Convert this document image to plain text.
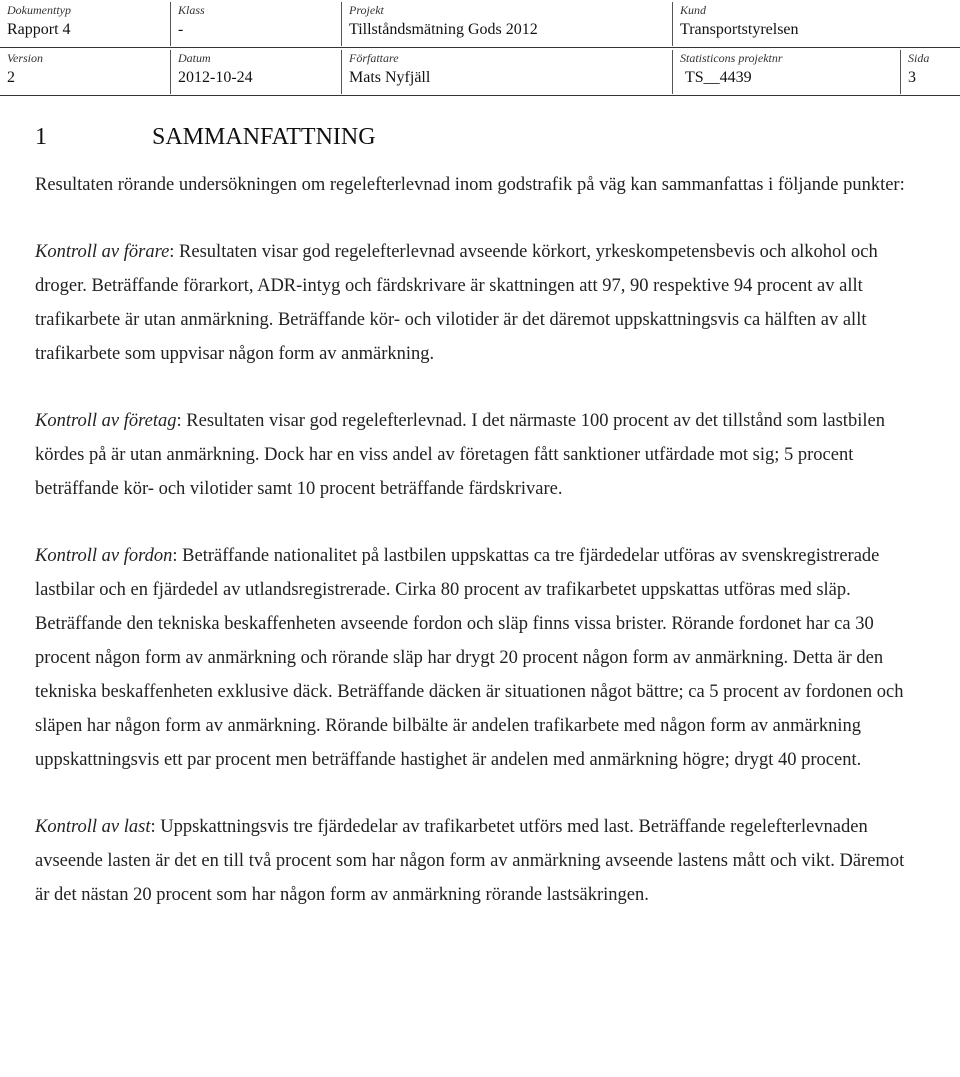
Dokumenttyp
Rapport 4
Klass
-
Projekt
Tillståndsmätning Gods 2012
Kund
Transportstyrelsen
Version
2
Datum
2012-10-24
Författare
Mats Nyfjäll
Statisticons projektnr
TS__4439
Sida
3
1	SAMMANFATTNING

Resultaten rörande undersökningen om regelefterlevnad inom godstrafik på väg kan sammanfattas i följande punkter:

Kontroll av förare: Resultaten visar god regelefterlevnad avseende körkort, yrkeskompetensbevis och alkohol och droger. Beträffande förarkort, ADR-intyg och färdskrivare är skattningen att 97, 90 respektive 94 procent av allt trafikarbete är utan anmärkning. Beträffande kör- och vilotider är det däremot uppskattningsvis ca hälften av allt trafikarbete som uppvisar någon form av anmärkning.

Kontroll av företag: Resultaten visar god regelefterlevnad. I det närmaste 100 procent av det tillstånd som lastbilen kördes på är utan anmärkning. Dock har en viss andel av företagen fått sanktioner utfärdade mot sig; 5 procent beträffande kör- och vilotider samt 10 procent beträffande färdskrivare.

Kontroll av fordon: Beträffande nationalitet på lastbilen uppskattas ca tre fjärdedelar utföras av svenskregistrerade lastbilar och en fjärdedel av utlandsregistrerade. Cirka 80 procent av trafikarbetet uppskattas utföras med släp. Beträffande den tekniska beskaffenheten avseende fordon och släp finns vissa brister. Rörande fordonet har ca 30 procent någon form av anmärkning och rörande släp har drygt 20 procent någon form av anmärkning. Detta är den tekniska beskaffenheten exklusive däck. Beträffande däcken är situationen något bättre; ca 5 procent av fordonen och släpen har någon form av anmärkning. Rörande bilbälte är andelen trafikarbete med någon form av anmärkning uppskattningsvis ett par procent men beträffande hastighet är andelen med anmärkning högre; drygt 40 procent.

Kontroll av last: Uppskattningsvis tre fjärdedelar av trafikarbetet utförs med last. Beträffande regelefterlevnaden avseende lasten är det en till två procent som har någon form av anmärkning avseende lastens mått och vikt. Däremot är det nästan 20 procent som har någon form av anmärkning rörande lastsäkringen.
